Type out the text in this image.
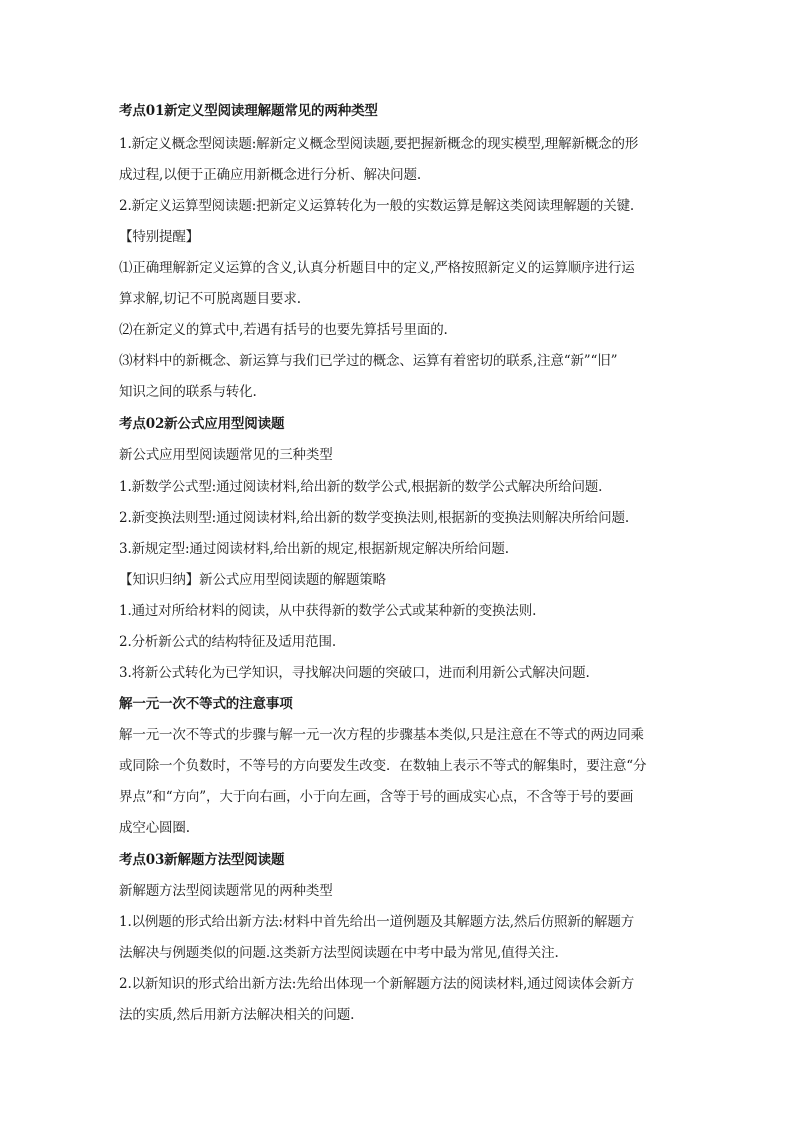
考点01新定义型阅读理解题常见的两种类型

1.新定义概念型阅读题:解新定义概念型阅读题,要把握新概念的现实模型,理解新概念的形

成过程,以便于正确应用新概念进行分析、解决问题.

2.新定义运算型阅读题:把新定义运算转化为一般的实数运算是解这类阅读理解题的关键.

【特别提醒】

⑴正确理解新定义运算的含义,认真分析题目中的定义,严格按照新定义的运算顺序进行运

算求解,切记不可脱离题目要求.

⑵在新定义的算式中,若遇有括号的也要先算括号里面的.

⑶材料中的新概念、新运算与我们已学过的概念、运算有着密切的联系,注意“新”“旧”

知识之间的联系与转化.

考点02新公式应用型阅读题

新公式应用型阅读题常见的三种类型

1.新数学公式型:通过阅读材料,给出新的数学公式,根据新的数学公式解决所给问题.

2.新变换法则型:通过阅读材料,给出新的数学变换法则,根据新的变换法则解决所给问题.

3.新规定型:通过阅读材料,给出新的规定,根据新规定解决所给问题.

【知识归纳】新公式应用型阅读题的解题策略

1.通过对所给材料的阅读，从中获得新的数学公式或某种新的变换法则.

2.分析新公式的结构特征及适用范围.

3.将新公式转化为已学知识，寻找解决问题的突破口，进而利用新公式解决问题.

解一元一次不等式的注意事项

解一元一次不等式的步骤与解一元一次方程的步骤基本类似,只是注意在不等式的两边同乘

或同除一个负数时，不等号的方向要发生改变．在数轴上表示不等式的解集时，要注意“分

界点”和“方向”，大于向右画，小于向左画，含等于号的画成实心点，不含等于号的要画

成空心圆圈.

考点03新解题方法型阅读题

新解题方法型阅读题常见的两种类型

1.以例题的形式给出新方法:材料中首先给出一道例题及其解题方法,然后仿照新的解题方

法解决与例题类似的问题.这类新方法型阅读题在中考中最为常见,值得关注.

2.以新知识的形式给出新方法:先给出体现一个新解题方法的阅读材料,通过阅读体会新方

法的实质,然后用新方法解决相关的问题.
